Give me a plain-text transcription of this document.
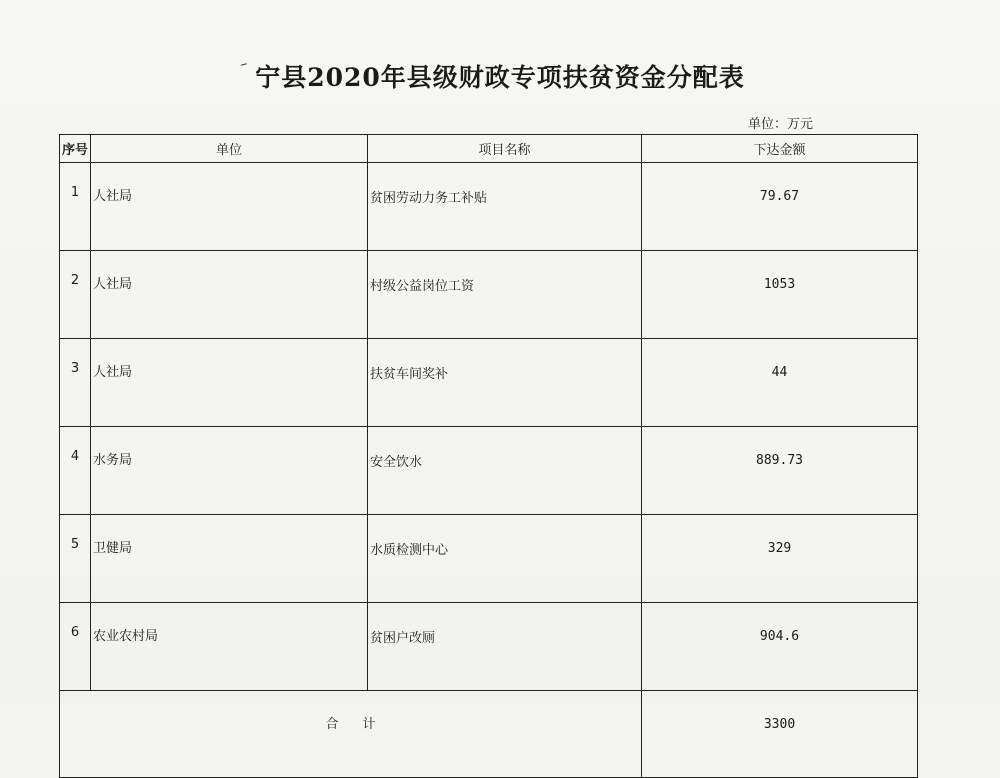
宁县2020年县级财政专项扶贫资金分配表
单位：万元
序号	单位	项目名称	下达金额
1	人社局	贫困劳动力务工补贴	79.67
2	人社局	村级公益岗位工资	1053
3	人社局	扶贫车间奖补	44
4	水务局	安全饮水	889.73
5	卫健局	水质检测中心	329
6	农业农村局	贫困户改厕	904.6
合计			3300
